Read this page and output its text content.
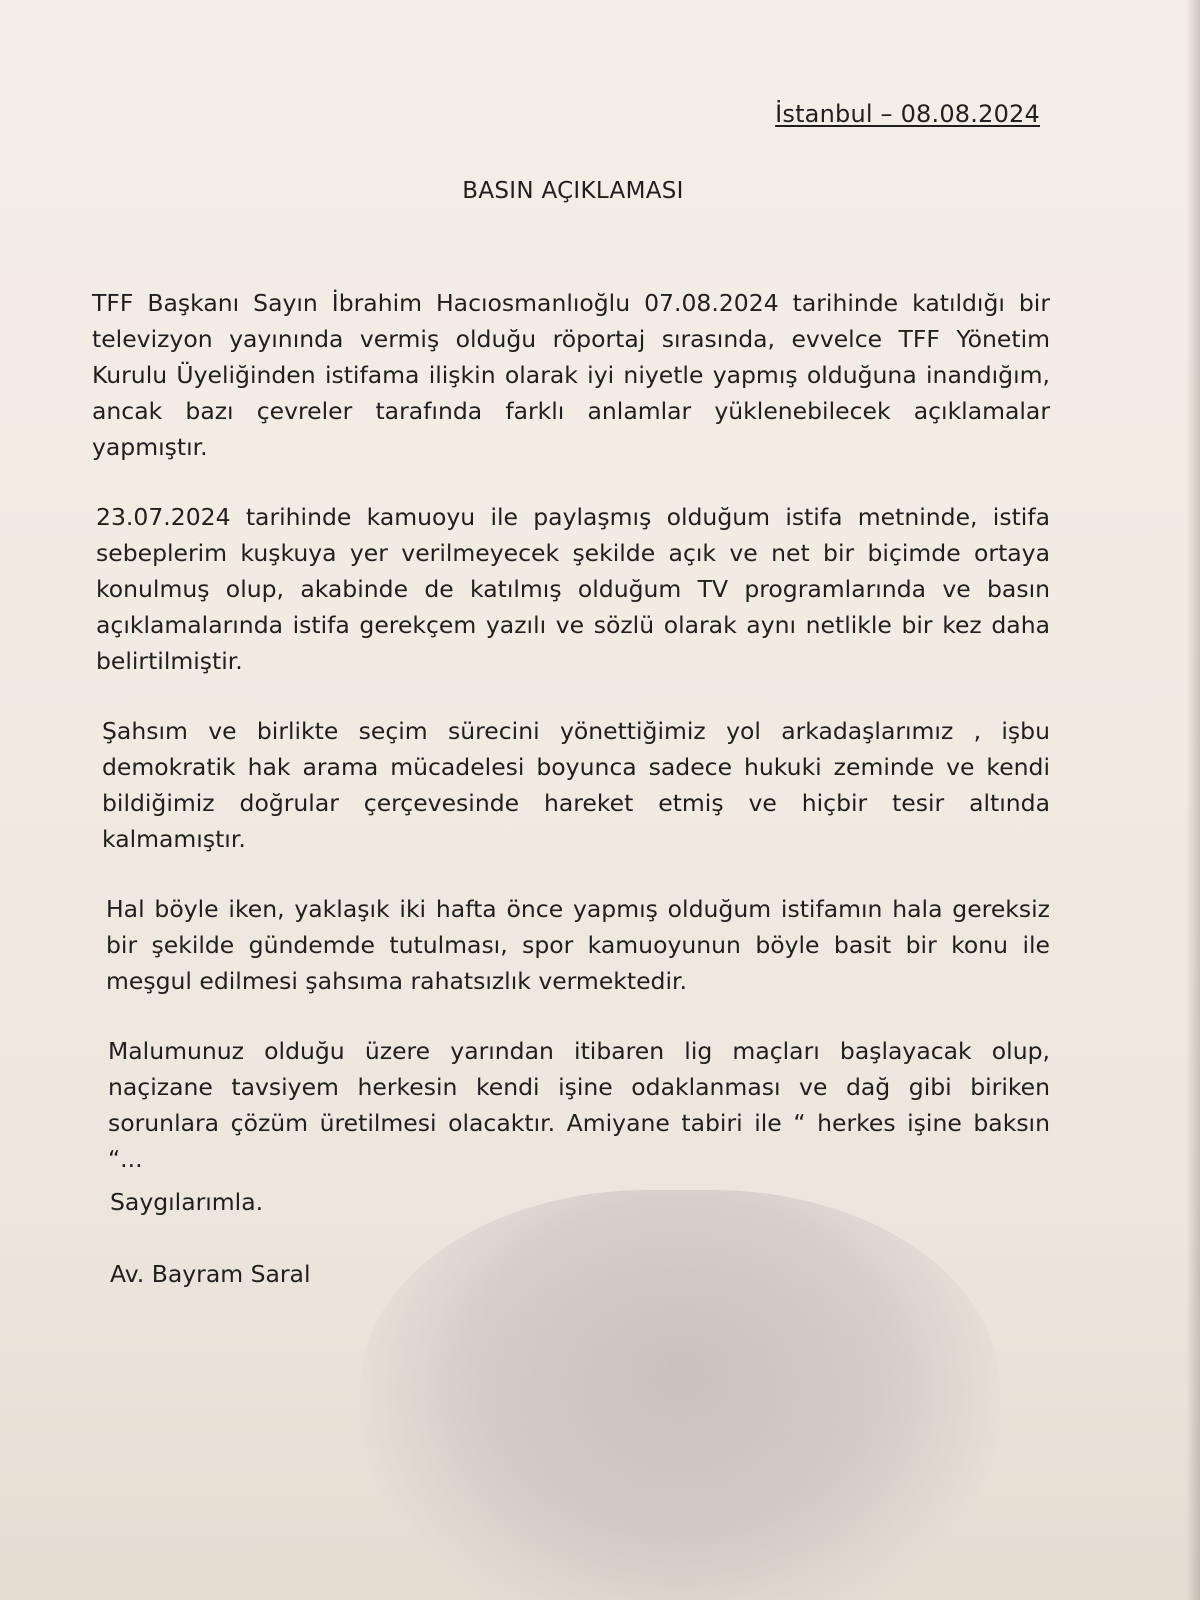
İstanbul – 08.08.2024
BASIN AÇIKLAMASI

TFF Başkanı Sayın İbrahim Hacıosmanlıoğlu 07.08.2024 tarihinde katıldığı bir televizyon yayınında vermiş olduğu röportaj sırasında, evvelce TFF Yönetim Kurulu Üyeliğinden istifama ilişkin olarak iyi niyetle yapmış olduğuna inandığım, ancak bazı çevreler tarafında farklı anlamlar yüklenebilecek açıklamalar yapmıştır.

23.07.2024 tarihinde kamuoyu ile paylaşmış olduğum istifa metninde, istifa sebeplerim kuşkuya yer verilmeyecek şekilde açık ve net bir biçimde ortaya konulmuş olup, akabinde de katılmış olduğum TV programlarında ve basın açıklamalarında istifa gerekçem yazılı ve sözlü olarak aynı netlikle bir kez daha belirtilmiştir.

Şahsım ve birlikte seçim sürecini yönettiğimiz yol arkadaşlarımız , işbu demokratik hak arama mücadelesi boyunca sadece hukuki zeminde ve kendi bildiğimiz doğrular çerçevesinde hareket etmiş ve hiçbir tesir altında kalmamıştır.

Hal böyle iken, yaklaşık iki hafta önce yapmış olduğum istifamın hala gereksiz bir şekilde gündemde tutulması, spor kamuoyunun böyle basit bir konu ile meşgul edilmesi şahsıma rahatsızlık vermektedir.

Malumunuz olduğu üzere yarından itibaren lig maçları başlayacak olup, naçizane tavsiyem herkesin kendi işine odaklanması ve dağ gibi biriken sorunlara çözüm üretilmesi olacaktır. Amiyane tabiri ile “ herkes işine baksın “...

Saygılarımla.
Av. Bayram Saral
